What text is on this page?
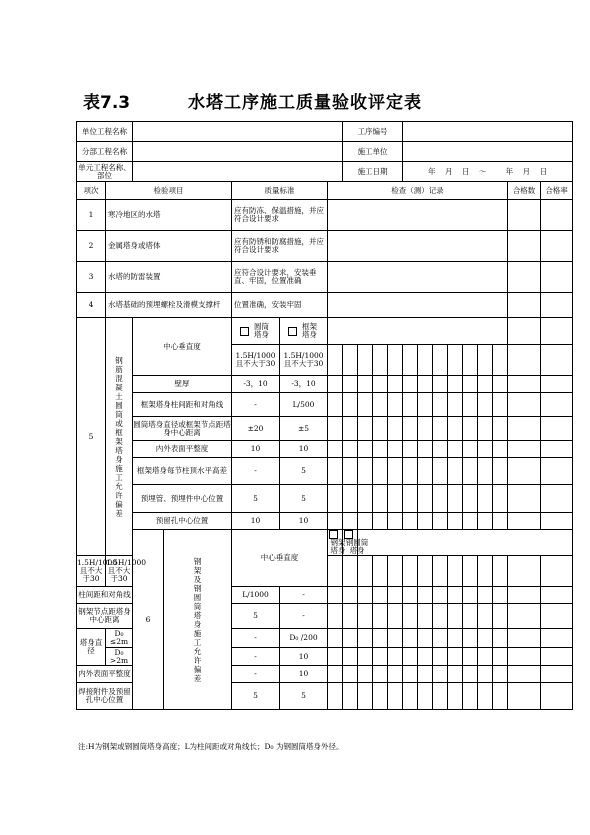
表7.3	水塔工序施工质量验收评定表
单位工程名称							工序编号													
分部工程名称							施工单位													
单元工程名称、部位							施工日期				年    月    日    ～        年    月    日									
项次	检验项目			质量标准		检查（测）记录												合格数	合格率	
1	寒冷地区的水塔			应有防冻、保温措施，并应符合设计要求																
2	金属塔身或塔体			应有防锈和防腐措施，并应符合设计要求																
3	水塔的防雷装置			应符合设计要求，安装垂直、牢固，位置准确																
4	水塔基础的预埋螺栓及滑模支撑杆			位置准确，安装牢固																
5	钢筋混凝土圆筒或框架塔身施工允许偏差	中心垂直度		圆筒塔身	框架塔身															
				1.5H/1000且不大于30	1.5H/1000且不大于30															
		壁厚		-3，10	-3，10															
		框架塔身柱间距和对角线		-	L/500															
		圆筒塔身直径或框架节点距塔身中心距离		±20	±5															
		内外表面平整度		10	10															
		框架塔身每节柱顶水平高差		-	5															
		预埋管、预埋件中心位置		5	5															
		预留孔中心位置		10	10															
		6	钢架及钢圆筒塔身施工允许偏差	中心垂直度		钢架塔身	钢圆筒塔身													
1.5H/1000且不大于30	1.5H/1000且不大于30																			
柱间距和对角线				L/1000	-															
钢架节点距塔身中心距离				5	-															
塔身直径	D₀ ≤2m			-	D₀ /200															
	D₀ >2m			-	10															
内外表面平整度				-	10															
焊接附件及预留孔中心位置				5	5															
注:H为钢架或钢圆筒塔身高度；L为柱间距或对角线长；D₀ 为钢圆筒塔身外径。
